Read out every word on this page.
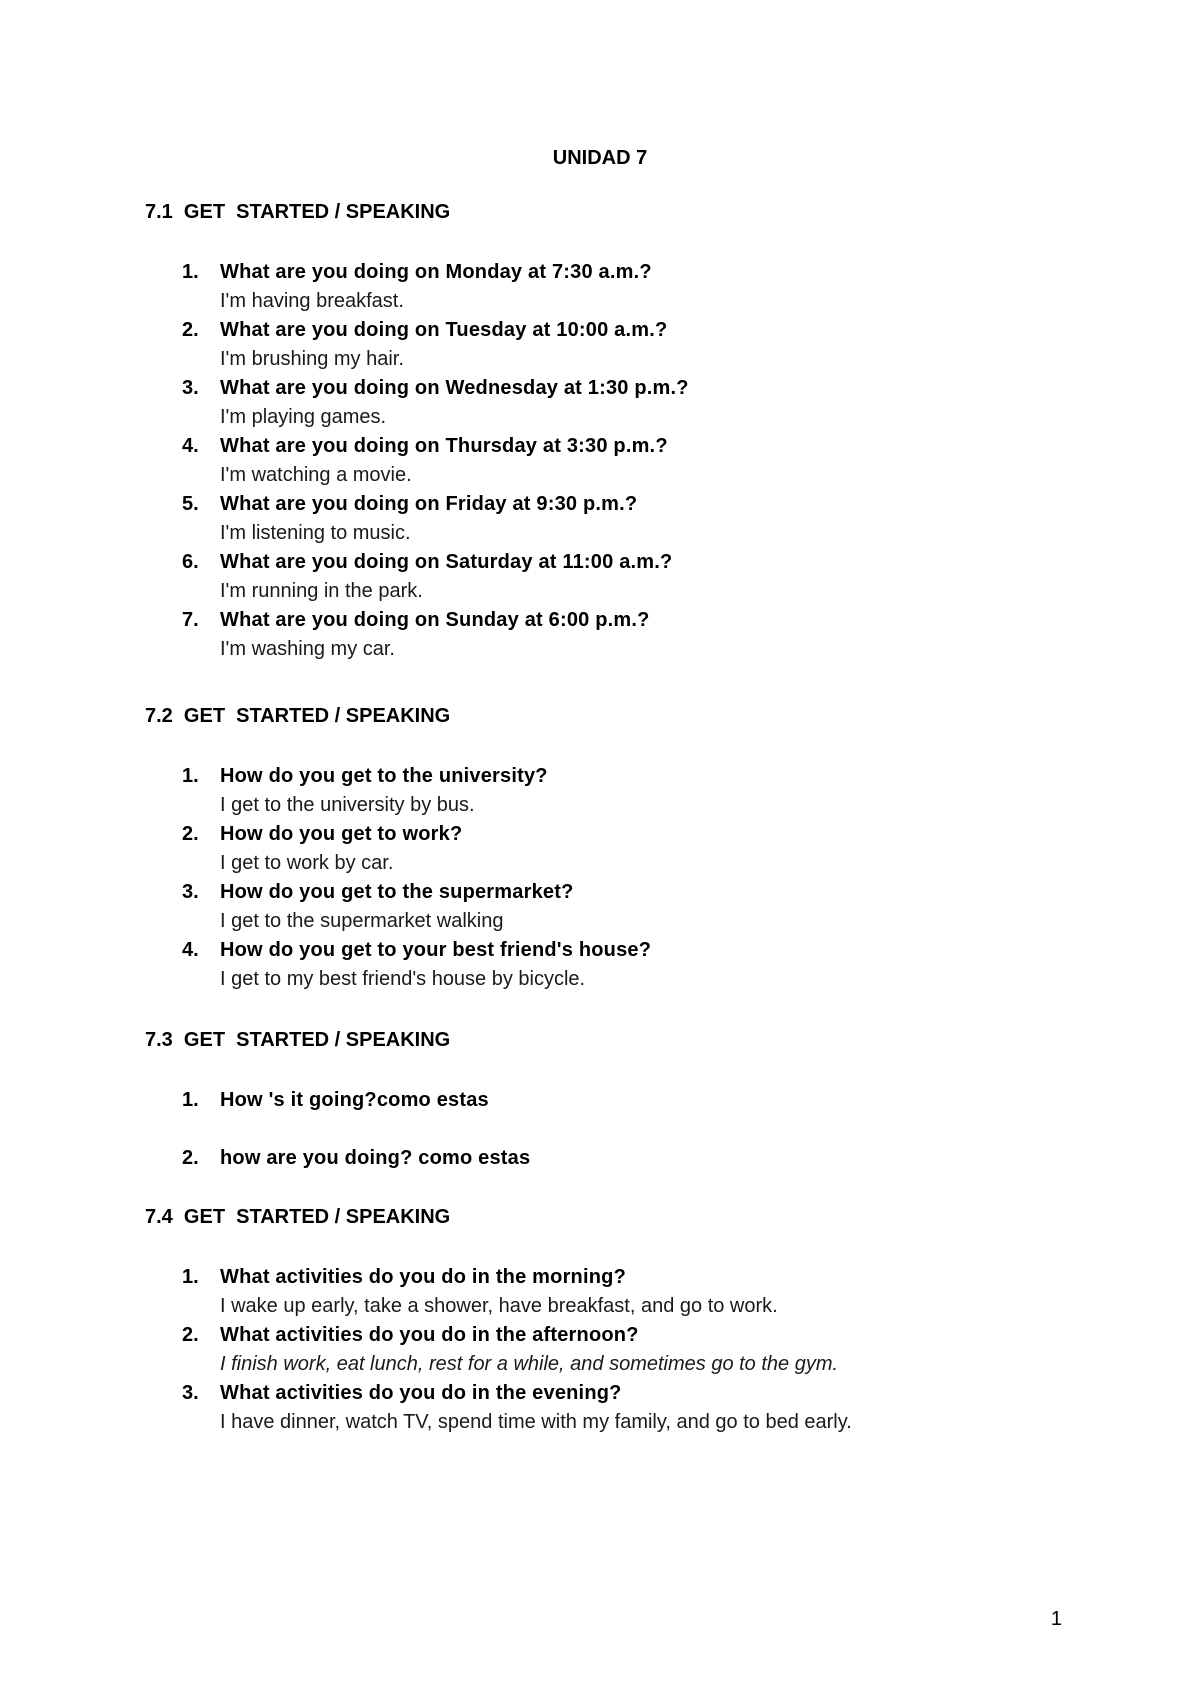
UNIDAD 7
7.1  GET  STARTED / SPEAKING
1. What are you doing on Monday at 7:30 a.m.?
I'm having breakfast.
2. What are you doing on Tuesday at 10:00 a.m.?
I'm brushing my hair.
3. What are you doing on Wednesday at 1:30 p.m.?
I'm playing games.
4. What are you doing on Thursday at 3:30 p.m.?
I'm watching a movie.
5. What are you doing on Friday at 9:30 p.m.?
I'm listening to music.
6. What are you doing on Saturday at 11:00 a.m.?
I'm running in the park.
7. What are you doing on Sunday at 6:00 p.m.?
I'm washing my car.
7.2  GET  STARTED / SPEAKING
1. How do you get to the university?
I get to the university by bus.
2. How do you get to work?
I get to work by car.
3. How do you get to the supermarket?
I get to the supermarket walking
4. How do you get to your best friend's house?
I get to my best friend's house by bicycle.
7.3  GET  STARTED / SPEAKING
1. How 's it going?como estas
2. how are you doing? como estas
7.4  GET  STARTED / SPEAKING
1. What activities do you do in the morning?
I wake up early, take a shower, have breakfast, and go to work.
2. What activities do you do in the afternoon?
I finish work, eat lunch, rest for a while, and sometimes go to the gym.
3. What activities do you do in the evening?
I have dinner, watch TV, spend time with my family, and go to bed early.
1
